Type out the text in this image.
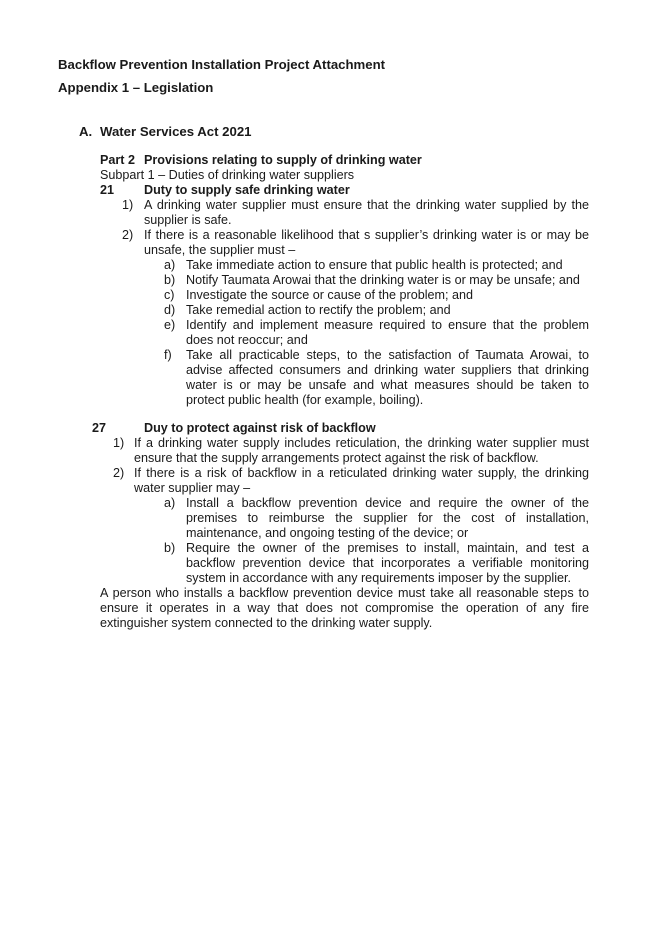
Backflow Prevention Installation Project Attachment
Appendix 1 – Legislation
A. Water Services Act 2021
Part 2 Provisions relating to supply of drinking water
Subpart 1 – Duties of drinking water suppliers
21 Duty to supply safe drinking water
1) A drinking water supplier must ensure that the drinking water supplied by the supplier is safe.
2) If there is a reasonable likelihood that s supplier’s drinking water is or may be unsafe, the supplier must –
a) Take immediate action to ensure that public health is protected; and
b) Notify Taumata Arowai that the drinking water is or may be unsafe; and
c) Investigate the source or cause of the problem; and
d) Take remedial action to rectify the problem; and
e) Identify and implement measure required to ensure that the problem does not reoccur; and
f) Take all practicable steps, to the satisfaction of Taumata Arowai, to advise affected consumers and drinking water suppliers that drinking water is or may be unsafe and what measures should be taken to protect public health (for example, boiling).
27	Duy to protect against risk of backflow
1) If a drinking water supply includes reticulation, the drinking water supplier must ensure that the supply arrangements protect against the risk of backflow.
2) If there is a risk of backflow in a reticulated drinking water supply, the drinking water supplier may –
a) Install a backflow prevention device and require the owner of the premises to reimburse the supplier for the cost of installation, maintenance, and ongoing testing of the device; or
b) Require the owner of the premises to install, maintain, and test a backflow prevention device that incorporates a verifiable monitoring system in accordance with any requirements imposer by the supplier.
A person who installs a backflow prevention device must take all reasonable steps to ensure it operates in a way that does not compromise the operation of any fire extinguisher system connected to the drinking water supply.
